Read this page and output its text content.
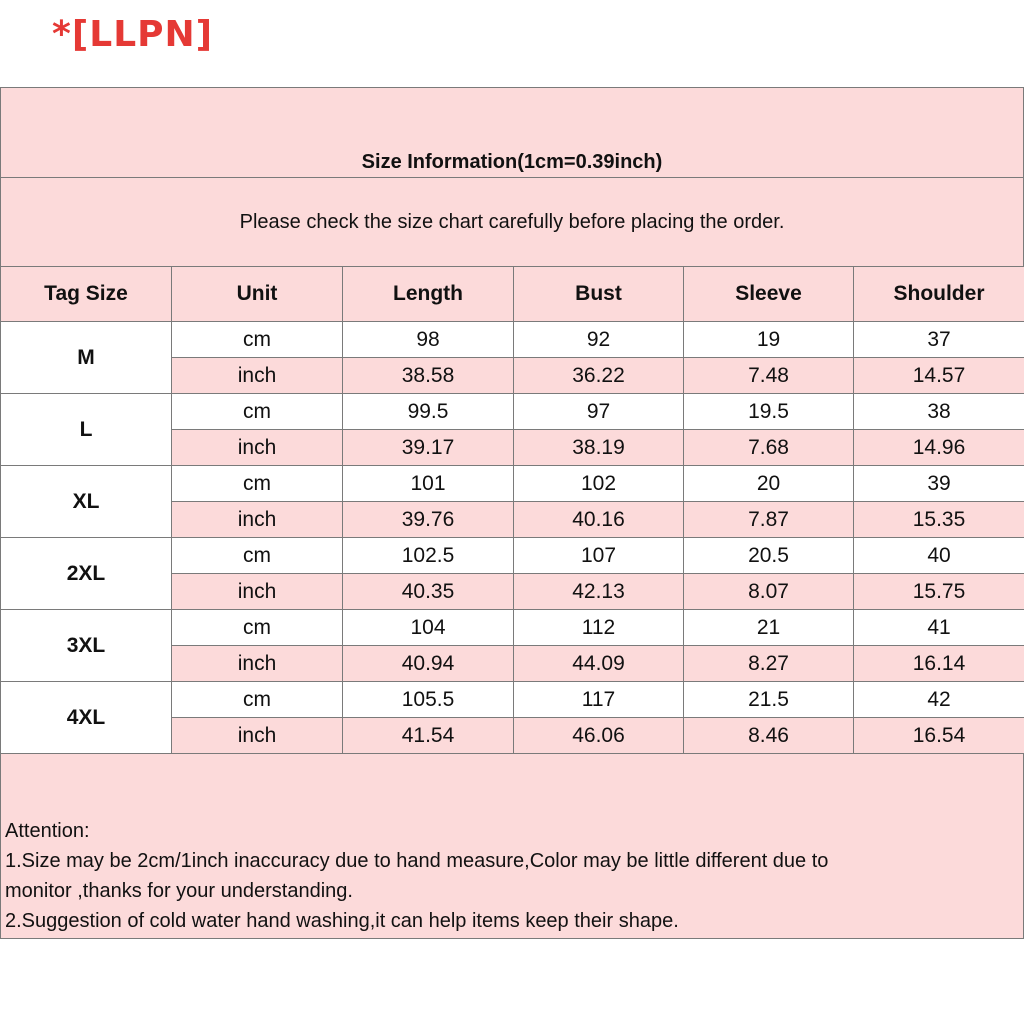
*[LLPN]
Size Information(1cm=0.39inch)
Please check the size chart carefully before placing the order.
Tag Size	Unit	Length	Bust	Sleeve	Shoulder
M	cm	98	92	19	37
	inch	38.58	36.22	7.48	14.57
L	cm	99.5	97	19.5	38
	inch	39.17	38.19	7.68	14.96
XL	cm	101	102	20	39
	inch	39.76	40.16	7.87	15.35
2XL	cm	102.5	107	20.5	40
	inch	40.35	42.13	8.07	15.75
3XL	cm	104	112	21	41
	inch	40.94	44.09	8.27	16.14
4XL	cm	105.5	117	21.5	42
	inch	41.54	46.06	8.46	16.54

Attention:

1.Size may be 2cm/1inch inaccuracy due to hand measure,Color may be little different due to

monitor ,thanks for your understanding.

2.Suggestion of cold water hand washing,it can help items keep their shape.
